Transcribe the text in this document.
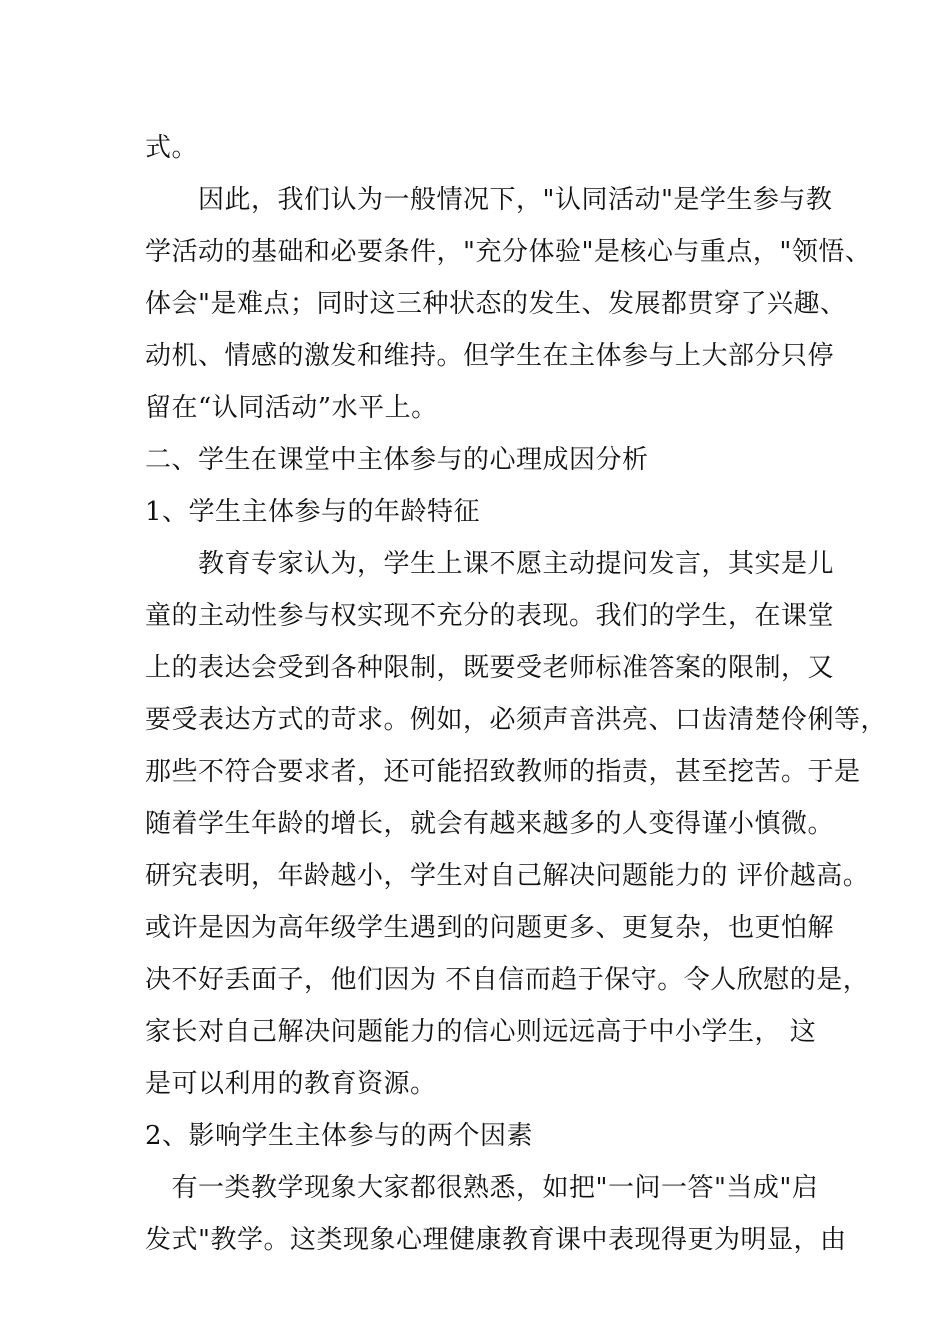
式。
　　因此，我们认为一般情况下，"认同活动"是学生参与教
学活动的基础和必要条件，"充分体验"是核心与重点，"领悟、
体会"是难点；同时这三种状态的发生、发展都贯穿了兴趣、
动机、情感的激发和维持。但学生在主体参与上大部分只停
留在“认同活动”水平上。
二、学生在课堂中主体参与的心理成因分析
1、学生主体参与的年龄特征
　　教育专家认为，学生上课不愿主动提问发言，其实是儿
童的主动性参与权实现不充分的表现。我们的学生，在课堂
上的表达会受到各种限制，既要受老师标准答案的限制，又
要受表达方式的苛求。例如，必须声音洪亮、口齿清楚伶俐等，
那些不符合要求者，还可能招致教师的指责，甚至挖苦。于是
随着学生年龄的增长，就会有越来越多的人变得谨小慎微。
研究表明，年龄越小，学生对自己解决问题能力的 评价越高。
或许是因为高年级学生遇到的问题更多、更复杂，也更怕解
决不好丢面子，他们因为 不自信而趋于保守。令人欣慰的是，
家长对自己解决问题能力的信心则远远高于中小学生， 这
是可以利用的教育资源。
2、影响学生主体参与的两个因素
　有一类教学现象大家都很熟悉，如把"一问一答"当成"启
发式"教学。这类现象心理健康教育课中表现得更为明显，由
